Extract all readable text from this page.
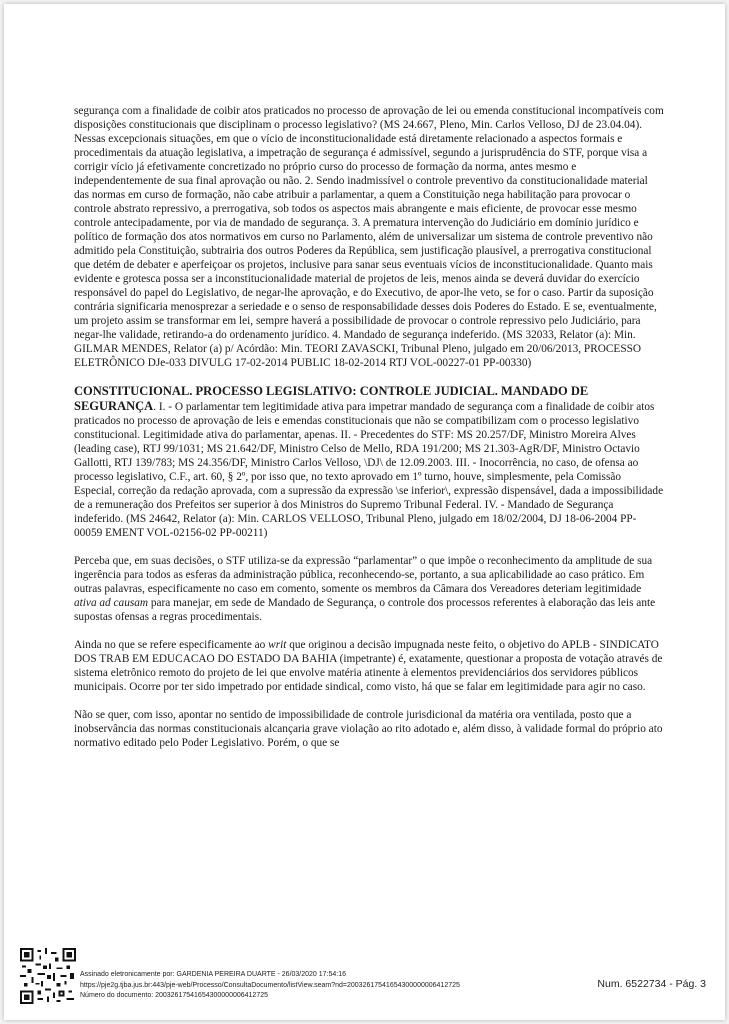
segurança com a finalidade de coibir atos praticados no processo de aprovação de lei ou emenda constitucional incompatíveis com disposições constitucionais que disciplinam o processo legislativo? (MS 24.667, Pleno, Min. Carlos Velloso, DJ de 23.04.04). Nessas excepcionais situações, em que o vício de inconstitucionalidade está diretamente relacionado a aspectos formais e procedimentais da atuação legislativa, a impetração de segurança é admissível, segundo a jurisprudência do STF, porque visa a corrigir vício já efetivamente concretizado no próprio curso do processo de formação da norma, antes mesmo e independentemente de sua final aprovação ou não. 2. Sendo inadmissível o controle preventivo da constitucionalidade material das normas em curso de formação, não cabe atribuir a parlamentar, a quem a Constituição nega habilitação para provocar o controle abstrato repressivo, a prerrogativa, sob todos os aspectos mais abrangente e mais eficiente, de provocar esse mesmo controle antecipadamente, por via de mandado de segurança. 3. A prematura intervenção do Judiciário em domínio jurídico e político de formação dos atos normativos em curso no Parlamento, além de universalizar um sistema de controle preventivo não admitido pela Constituição, subtrairia dos outros Poderes da República, sem justificação plausível, a prerrogativa constitucional que detém de debater e aperfeiçoar os projetos, inclusive para sanar seus eventuais vícios de inconstitucionalidade. Quanto mais evidente e grotesca possa ser a inconstitucionalidade material de projetos de leis, menos ainda se deverá duvidar do exercício responsável do papel do Legislativo, de negar-lhe aprovação, e do Executivo, de apor-lhe veto, se for o caso. Partir da suposição contrária significaria menosprezar a seriedade e o senso de responsabilidade desses dois Poderes do Estado. E se, eventualmente, um projeto assim se transformar em lei, sempre haverá a possibilidade de provocar o controle repressivo pelo Judiciário, para negar-lhe validade, retirando-a do ordenamento jurídico. 4. Mandado de segurança indeferido. (MS 32033, Relator (a): Min. GILMAR MENDES, Relator (a) p/ Acórdão: Min. TEORI ZAVASCKI, Tribunal Pleno, julgado em 20/06/2013, PROCESSO ELETRÔNICO DJe-033 DIVULG 17-02-2014 PUBLIC 18-02-2014 RTJ VOL-00227-01 PP-00330)

CONSTITUCIONAL. PROCESSO LEGISLATIVO: CONTROLE JUDICIAL. MANDADO DE SEGURANÇA. I. - O parlamentar tem legitimidade ativa para impetrar mandado de segurança com a finalidade de coibir atos praticados no processo de aprovação de leis e emendas constitucionais que não se compatibilizam com o processo legislativo constitucional. Legitimidade ativa do parlamentar, apenas. II. - Precedentes do STF: MS 20.257/DF, Ministro Moreira Alves (leading case), RTJ 99/1031; MS 21.642/DF, Ministro Celso de Mello, RDA 191/200; MS 21.303-AgR/DF, Ministro Octavio Gallotti, RTJ 139/783; MS 24.356/DF, Ministro Carlos Velloso, \DJ\ de 12.09.2003. III. - Inocorrência, no caso, de ofensa ao processo legislativo, C.F., art. 60, § 2º, por isso que, no texto aprovado em 1º turno, houve, simplesmente, pela Comissão Especial, correção da redação aprovada, com a supressão da expressão \se inferior\, expressão dispensável, dada a impossibilidade de a remuneração dos Prefeitos ser superior à dos Ministros do Supremo Tribunal Federal. IV. - Mandado de Segurança indeferido. (MS 24642, Relator (a): Min. CARLOS VELLOSO, Tribunal Pleno, julgado em 18/02/2004, DJ 18-06-2004 PP-00059 EMENT VOL-02156-02 PP-00211)

Perceba que, em suas decisões, o STF utiliza-se da expressão “parlamentar” o que impõe o reconhecimento da amplitude de sua ingerência para todos as esferas da administração pública, reconhecendo-se, portanto, a sua aplicabilidade ao caso prático. Em outras palavras, especificamente no caso em comento, somente os membros da Câmara dos Vereadores deteriam legitimidade ativa ad causam para manejar, em sede de Mandado de Segurança, o controle dos processos referentes à elaboração das leis ante supostas ofensas a regras procedimentais.

Ainda no que se refere especificamente ao writ que originou a decisão impugnada neste feito, o objetivo do APLB - SINDICATO DOS TRAB EM EDUCACAO DO ESTADO DA BAHIA (impetrante) é, exatamente, questionar a proposta de votação através de sistema eletrônico remoto do projeto de lei que envolve matéria atinente à elementos previdenciários dos servidores públicos municipais. Ocorre por ter sido impetrado por entidade sindical, como visto, há que se falar em legitimidade para agir no caso.

Não se quer, com isso, apontar no sentido de impossibilidade de controle jurisdicional da matéria ora ventilada, posto que a inobservância das normas constitucionais alcançaria grave violação ao rito adotado e, além disso, à validade formal do próprio ato normativo editado pelo Poder Legislativo. Porém, o que se

Assinado eletronicamente por: GARDENIA PEREIRA DUARTE - 26/03/2020 17:54:16
https://pje2g.tjba.jus.br:443/pje-web/Processo/ConsultaDocumento/listView.seam?nd=20032617541654300000006412725
Número do documento: 20032617541654300000006412725
Num. 6522734 - Pág. 3
